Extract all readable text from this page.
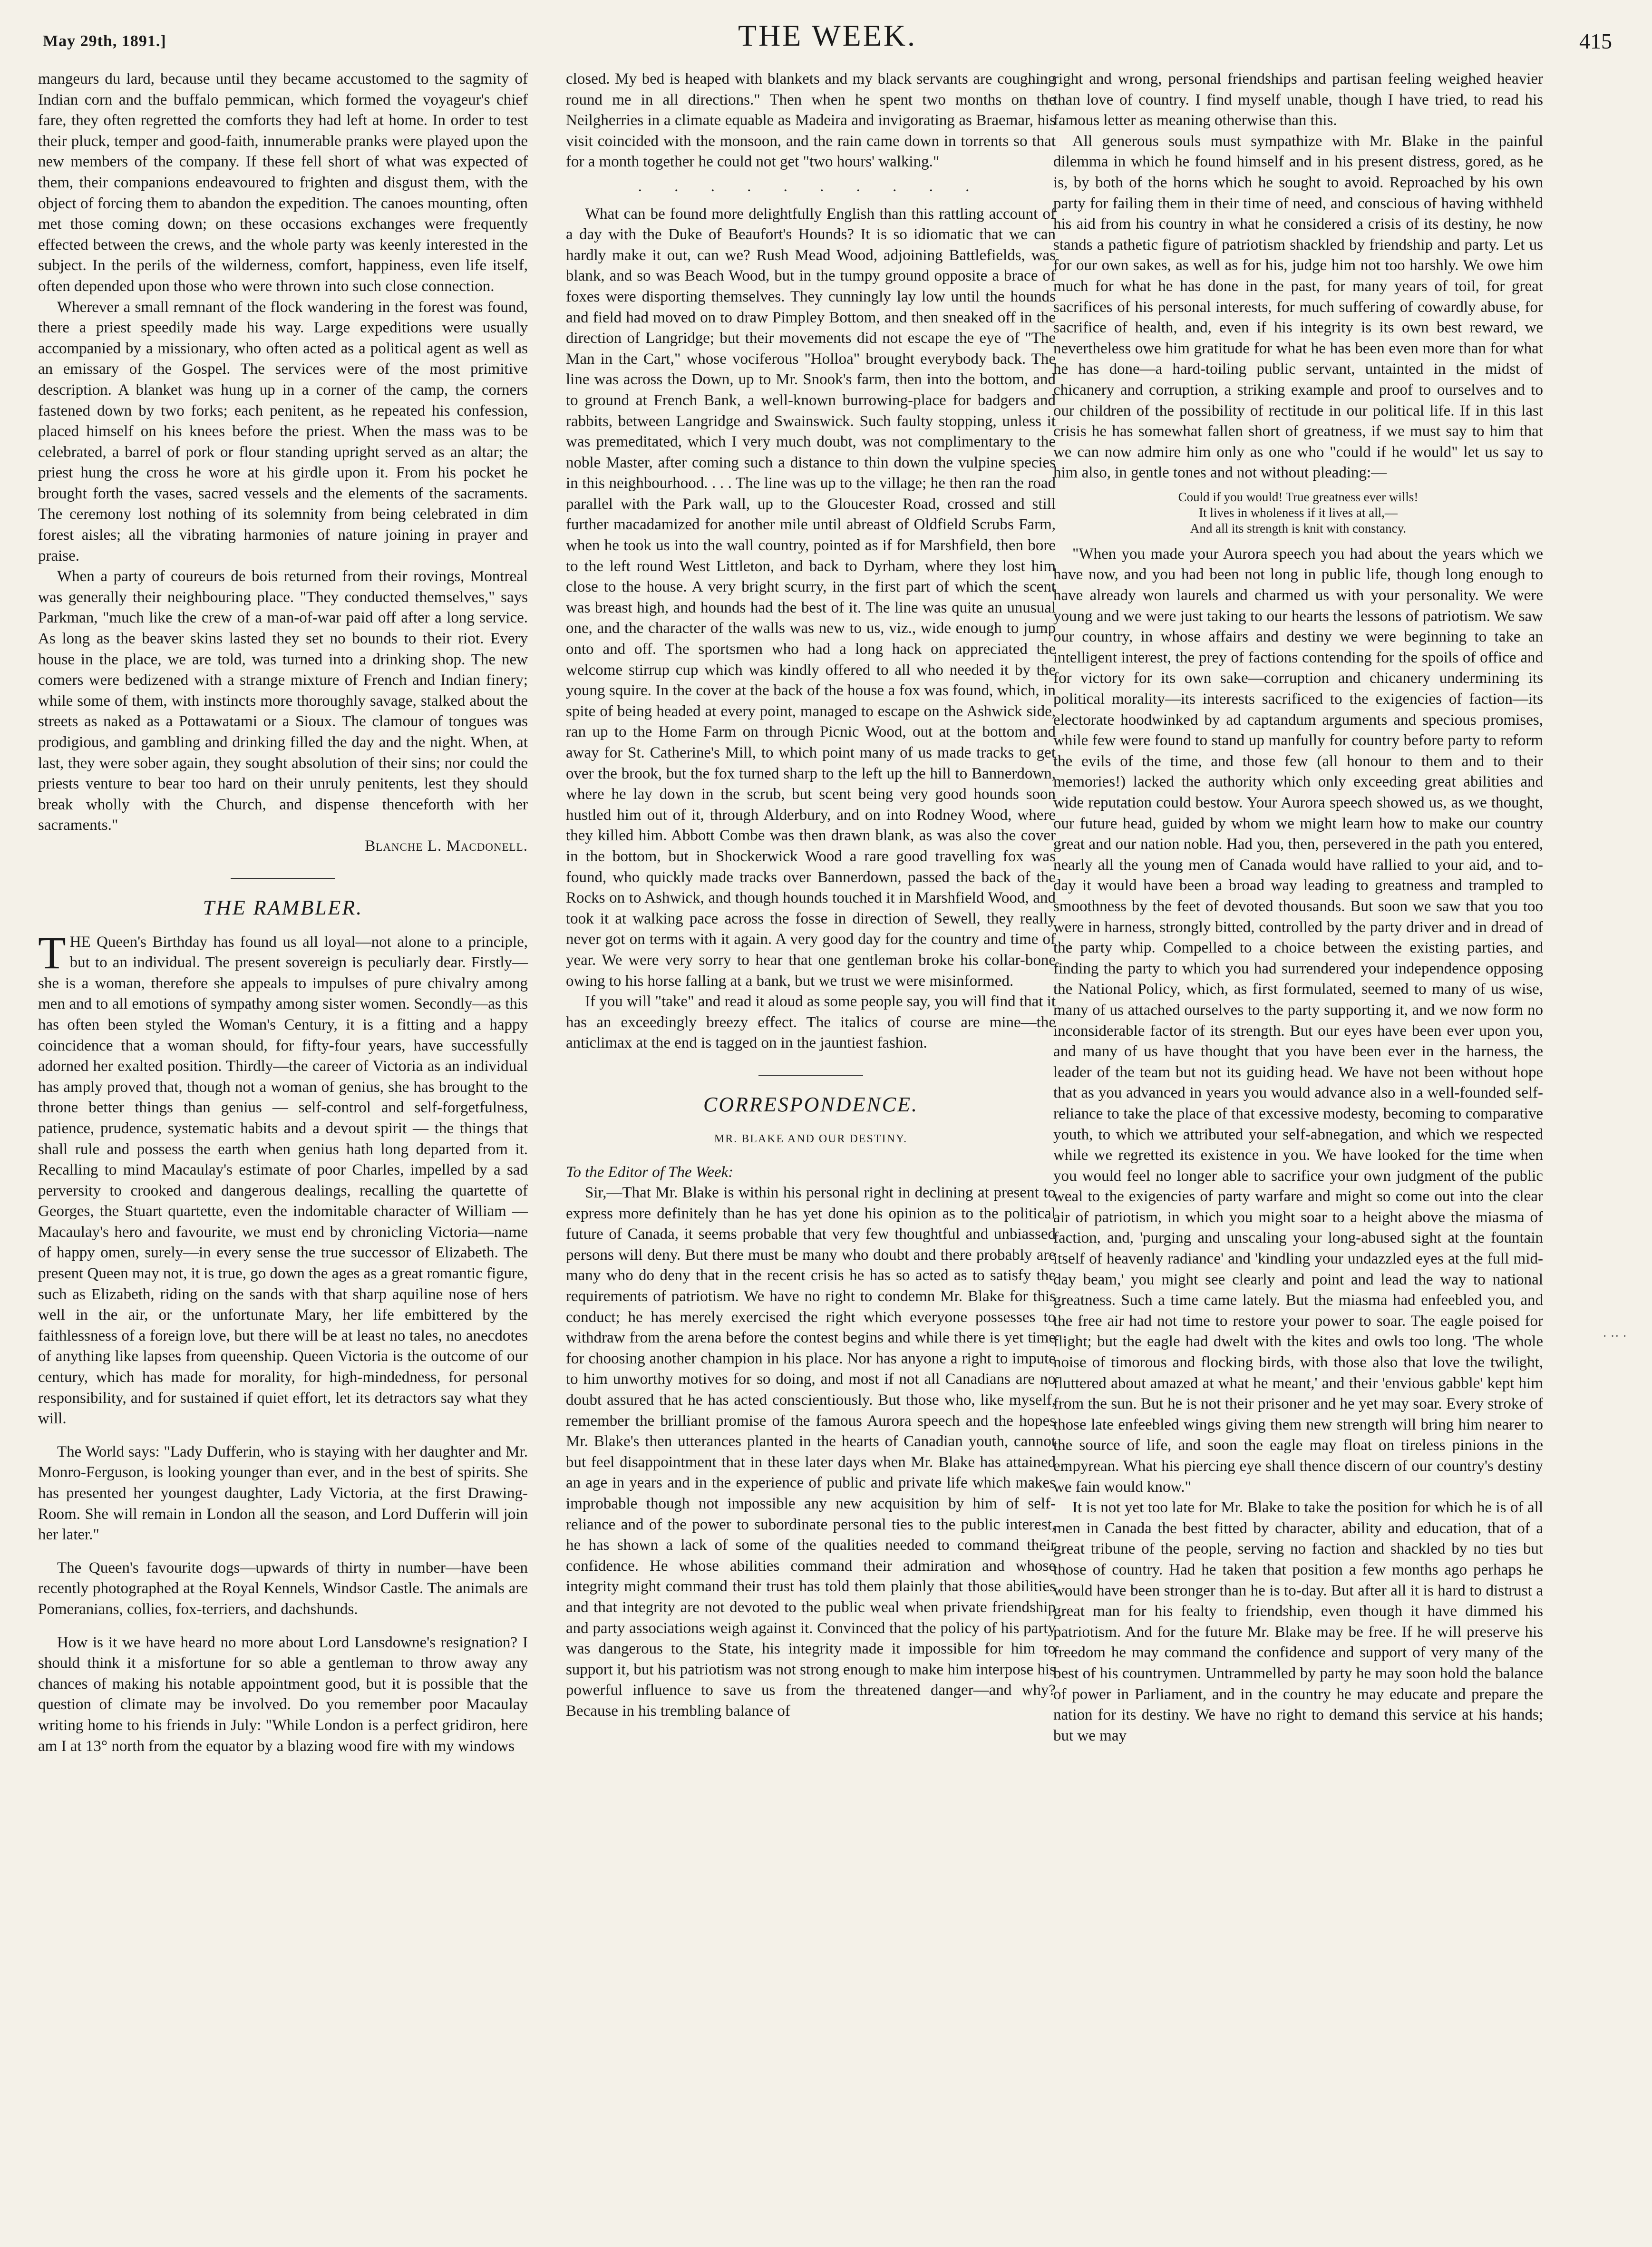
May 29th, 1891.]	THE WEEK.	415

mangeurs du lard, because until they became accustomed to the sagmity of Indian corn and the buffalo pemmican, which formed the voyageur's chief fare, they often regretted the comforts they had left at home. In order to test their pluck, temper and good-faith, innumerable pranks were played upon the new members of the company. If these fell short of what was expected of them, their companions endeavoured to frighten and disgust them, with the object of forcing them to abandon the expedition. The canoes mounting, often met those coming down; on these occasions exchanges were frequently effected between the crews, and the whole party was keenly interested in the subject. In the perils of the wilderness, comfort, happiness, even life itself, often depended upon those who were thrown into such close connection.

Wherever a small remnant of the flock wandering in the forest was found, there a priest speedily made his way. Large expeditions were usually accompanied by a missionary, who often acted as a political agent as well as an emissary of the Gospel. The services were of the most primitive description. A blanket was hung up in a corner of the camp, the corners fastened down by two forks; each penitent, as he repeated his confession, placed himself on his knees before the priest. When the mass was to be celebrated, a barrel of pork or flour standing upright served as an altar; the priest hung the cross he wore at his girdle upon it. From his pocket he brought forth the vases, sacred vessels and the elements of the sacraments. The ceremony lost nothing of its solemnity from being celebrated in dim forest aisles; all the vibrating harmonies of nature joining in prayer and praise.

When a party of coureurs de bois returned from their rovings, Montreal was generally their neighbouring place. "They conducted themselves," says Parkman, "much like the crew of a man-of-war paid off after a long service. As long as the beaver skins lasted they set no bounds to their riot. Every house in the place, we are told, was turned into a drinking shop. The new comers were bedizened with a strange mixture of French and Indian finery; while some of them, with instincts more thoroughly savage, stalked about the streets as naked as a Pottawatami or a Sioux. The clamour of tongues was prodigious, and gambling and drinking filled the day and the night. When, at last, they were sober again, they sought absolution of their sins; nor could the priests venture to bear too hard on their unruly penitents, lest they should break wholly with the Church, and dispense thenceforth with her sacraments."

Blanche L. Macdonell.
THE RAMBLER.

THE Queen's Birthday has found us all loyal—not alone to a principle, but to an individual. The present sovereign is peculiarly dear. Firstly—she is a woman, therefore she appeals to impulses of pure chivalry among men and to all emotions of sympathy among sister women. Secondly—as this has often been styled the Woman's Century, it is a fitting and a happy coincidence that a woman should, for fifty-four years, have successfully adorned her exalted position. Thirdly—the career of Victoria as an individual has amply proved that, though not a woman of genius, she has brought to the throne better things than genius — self-control and self-forgetfulness, patience, prudence, systematic habits and a devout spirit — the things that shall rule and possess the earth when genius hath long departed from it. Recalling to mind Macaulay's estimate of poor Charles, impelled by a sad perversity to crooked and dangerous dealings, recalling the quartette of Georges, the Stuart quartette, even the indomitable character of William — Macaulay's hero and favourite, we must end by chronicling Victoria—name of happy omen, surely—in every sense the true successor of Elizabeth. The present Queen may not, it is true, go down the ages as a great romantic figure, such as Elizabeth, riding on the sands with that sharp aquiline nose of hers well in the air, or the unfortunate Mary, her life embittered by the faithlessness of a foreign love, but there will be at least no tales, no anecdotes of anything like lapses from queenship. Queen Victoria is the outcome of our century, which has made for morality, for high-mindedness, for personal responsibility, and for sustained if quiet effort, let its detractors say what they will.

The World says: "Lady Dufferin, who is staying with her daughter and Mr. Monro-Ferguson, is looking younger than ever, and in the best of spirits. She has presented her youngest daughter, Lady Victoria, at the first Drawing-Room. She will remain in London all the season, and Lord Dufferin will join her later."

The Queen's favourite dogs—upwards of thirty in number—have been recently photographed at the Royal Kennels, Windsor Castle. The animals are Pomeranians, collies, fox-terriers, and dachshunds.

How is it we have heard no more about Lord Lansdowne's resignation? I should think it a misfortune for so able a gentleman to throw away any chances of making his notable appointment good, but it is possible that the question of climate may be involved. Do you remember poor Macaulay writing home to his friends in July: "While London is a perfect gridiron, here am I at 13° north from the equator by a blazing wood fire with my windows

closed. My bed is heaped with blankets and my black servants are coughing round me in all directions." Then when he spent two months on the Neilgherries in a climate equable as Madeira and invigorating as Braemar, his visit coincided with the monsoon, and the rain came down in torrents so that for a month together he could not get "two hours' walking."

. . . . . . . . . .

What can be found more delightfully English than this rattling account of a day with the Duke of Beaufort's Hounds? It is so idiomatic that we can hardly make it out, can we? Rush Mead Wood, adjoining Battlefields, was blank, and so was Beach Wood, but in the tumpy ground opposite a brace of foxes were disporting themselves. They cunningly lay low until the hounds and field had moved on to draw Pimpley Bottom, and then sneaked off in the direction of Langridge; but their movements did not escape the eye of "The Man in the Cart," whose vociferous "Holloa" brought everybody back. The line was across the Down, up to Mr. Snook's farm, then into the bottom, and to ground at French Bank, a well-known burrowing-place for badgers and rabbits, between Langridge and Swainswick. Such faulty stopping, unless it was premeditated, which I very much doubt, was not complimentary to the noble Master, after coming such a distance to thin down the vulpine species in this neighbourhood. . . . The line was up to the village; he then ran the road parallel with the Park wall, up to the Gloucester Road, crossed and still further macadamized for another mile until abreast of Oldfield Scrubs Farm, when he took us into the wall country, pointed as if for Marshfield, then bore to the left round West Littleton, and back to Dyrham, where they lost him close to the house. A very bright scurry, in the first part of which the scent was breast high, and hounds had the best of it. The line was quite an unusual one, and the character of the walls was new to us, viz., wide enough to jump onto and off. The sportsmen who had a long hack on appreciated the welcome stirrup cup which was kindly offered to all who needed it by the young squire. In the cover at the back of the house a fox was found, which, in spite of being headed at every point, managed to escape on the Ashwick side, ran up to the Home Farm on through Picnic Wood, out at the bottom and away for St. Catherine's Mill, to which point many of us made tracks to get over the brook, but the fox turned sharp to the left up the hill to Bannerdown, where he lay down in the scrub, but scent being very good hounds soon hustled him out of it, through Alderbury, and on into Rodney Wood, where they killed him. Abbott Combe was then drawn blank, as was also the cover in the bottom, but in Shockerwick Wood a rare good travelling fox was found, who quickly made tracks over Bannerdown, passed the back of the Rocks on to Ashwick, and though hounds touched it in Marshfield Wood, and took it at walking pace across the fosse in direction of Sewell, they really never got on terms with it again. A very good day for the country and time of year. We were very sorry to hear that one gentleman broke his collar-bone owing to his horse falling at a bank, but we trust we were misinformed.

If you will "take" and read it aloud as some people say, you will find that it has an exceedingly breezy effect. The italics of course are mine—the anticlimax at the end is tagged on in the jauntiest fashion.

CORRESPONDENCE.
MR. BLAKE AND OUR DESTINY.

To the Editor of The Week:

Sir,—That Mr. Blake is within his personal right in declining at present to express more definitely than he has yet done his opinion as to the political future of Canada, it seems probable that very few thoughtful and unbiassed persons will deny. But there must be many who doubt and there probably are many who do deny that in the recent crisis he has so acted as to satisfy the requirements of patriotism. We have no right to condemn Mr. Blake for this conduct; he has merely exercised the right which everyone possesses to withdraw from the arena before the contest begins and while there is yet time for choosing another champion in his place. Nor has anyone a right to impute to him unworthy motives for so doing, and most if not all Canadians are no doubt assured that he has acted conscientiously. But those who, like myself, remember the brilliant promise of the famous Aurora speech and the hopes Mr. Blake's then utterances planted in the hearts of Canadian youth, cannot but feel disappointment that in these later days when Mr. Blake has attained an age in years and in the experience of public and private life which makes improbable though not impossible any new acquisition by him of self-reliance and of the power to subordinate personal ties to the public interest, he has shown a lack of some of the qualities needed to command their confidence. He whose abilities command their admiration and whose integrity might command their trust has told them plainly that those abilities and that integrity are not devoted to the public weal when private friendship and party associations weigh against it. Convinced that the policy of his party was dangerous to the State, his integrity made it impossible for him to support it, but his patriotism was not strong enough to make him interpose his powerful influence to save us from the threatened danger—and why? Because in his trembling balance of

right and wrong, personal friendships and partisan feeling weighed heavier than love of country. I find myself unable, though I have tried, to read his famous letter as meaning otherwise than this.

All generous souls must sympathize with Mr. Blake in the painful dilemma in which he found himself and in his present distress, gored, as he is, by both of the horns which he sought to avoid. Reproached by his own party for failing them in their time of need, and conscious of having withheld his aid from his country in what he considered a crisis of its destiny, he now stands a pathetic figure of patriotism shackled by friendship and party. Let us for our own sakes, as well as for his, judge him not too harshly. We owe him much for what he has done in the past, for many years of toil, for great sacrifices of his personal interests, for much suffering of cowardly abuse, for sacrifice of health, and, even if his integrity is its own best reward, we nevertheless owe him gratitude for what he has been even more than for what he has done—a hard-toiling public servant, untainted in the midst of chicanery and corruption, a striking example and proof to ourselves and to our children of the possibility of rectitude in our political life. If in this last crisis he has somewhat fallen short of greatness, if we must say to him that we can now admire him only as one who "could if he would" let us say to him also, in gentle tones and not without pleading:—

Could if you would! True greatness ever wills!
It lives in wholeness if it lives at all,—
And all its strength is knit with constancy.

"When you made your Aurora speech you had about the years which we have now, and you had been not long in public life, though long enough to have already won laurels and charmed us with your personality. We were young and we were just taking to our hearts the lessons of patriotism. We saw our country, in whose affairs and destiny we were beginning to take an intelligent interest, the prey of factions contending for the spoils of office and for victory for its own sake—corruption and chicanery undermining its political morality—its interests sacrificed to the exigencies of faction—its electorate hoodwinked by ad captandum arguments and specious promises, while few were found to stand up manfully for country before party to reform the evils of the time, and those few (all honour to them and to their memories!) lacked the authority which only exceeding great abilities and wide reputation could bestow. Your Aurora speech showed us, as we thought, our future head, guided by whom we might learn how to make our country great and our nation noble. Had you, then, persevered in the path you entered, nearly all the young men of Canada would have rallied to your aid, and to-day it would have been a broad way leading to greatness and trampled to smoothness by the feet of devoted thousands. But soon we saw that you too were in harness, strongly bitted, controlled by the party driver and in dread of the party whip. Compelled to a choice between the existing parties, and finding the party to which you had surrendered your independence opposing the National Policy, which, as first formulated, seemed to many of us wise, many of us attached ourselves to the party supporting it, and we now form no inconsiderable factor of its strength. But our eyes have been ever upon you, and many of us have thought that you have been ever in the harness, the leader of the team but not its guiding head. We have not been without hope that as you advanced in years you would advance also in a well-founded self-reliance to take the place of that excessive modesty, becoming to comparative youth, to which we attributed your self-abnegation, and which we respected while we regretted its existence in you. We have looked for the time when you would feel no longer able to sacrifice your own judgment of the public weal to the exigencies of party warfare and might so come out into the clear air of patriotism, in which you might soar to a height above the miasma of faction, and, 'purging and unscaling your long-abused sight at the fountain itself of heavenly radiance' and 'kindling your undazzled eyes at the full mid-day beam,' you might see clearly and point and lead the way to national greatness. Such a time came lately. But the miasma had enfeebled you, and the free air had not time to restore your power to soar. The eagle poised for flight; but the eagle had dwelt with the kites and owls too long. 'The whole noise of timorous and flocking birds, with those also that love the twilight, fluttered about amazed at what he meant,' and their 'envious gabble' kept him from the sun. But he is not their prisoner and he yet may soar. Every stroke of those late enfeebled wings giving them new strength will bring him nearer to the source of life, and soon the eagle may float on tireless pinions in the empyrean. What his piercing eye shall thence discern of our country's destiny we fain would know."

It is not yet too late for Mr. Blake to take the position for which he is of all men in Canada the best fitted by character, ability and education, that of a great tribune of the people, serving no faction and shackled by no ties but those of country. Had he taken that position a few months ago perhaps he would have been stronger than he is to-day. But after all it is hard to distrust a great man for his fealty to friendship, even though it have dimmed his patriotism. And for the future Mr. Blake may be free. If he will preserve his freedom he may command the confidence and support of very many of the best of his countrymen. Untrammelled by party he may soon hold the balance of power in Parliament, and in the country he may educate and prepare the nation for its destiny. We have no right to demand this service at his hands; but we may

· ·· ·
